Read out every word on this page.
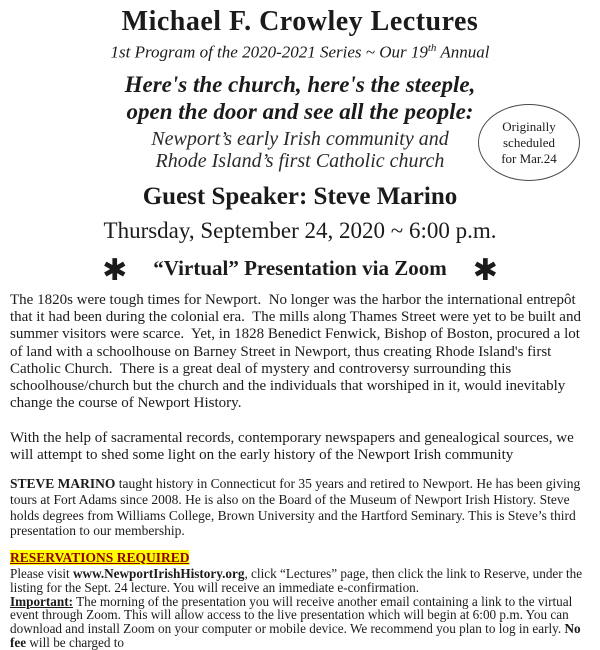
Michael F. Crowley Lectures
1st Program of the 2020-2021 Series ~ Our 19th Annual
Here's the church, here's the steeple,
open the door and see all the people:
Newport’s early Irish community and
Rhode Island’s first Catholic church
Originally
scheduled
for Mar.24
Guest Speaker: Steve Marino
Thursday, September 24, 2020 ~ 6:00 p.m.
✱ “Virtual” Presentation via Zoom ✱
The 1820s were tough times for Newport.  No longer was the harbor the international entrepôt that it had been during the colonial era.  The mills along Thames Street were yet to be built and summer visitors were scarce.  Yet, in 1828 Benedict Fenwick, Bishop of Boston, procured a lot of land with a schoolhouse on Barney Street in Newport, thus creating Rhode Island's first Catholic Church.  There is a great deal of mystery and controversy surrounding this schoolhouse/church but the church and the individuals that worshiped in it, would inevitably change the course of Newport History.
With the help of sacramental records, contemporary newspapers and genealogical sources, we will attempt to shed some light on the early history of the Newport Irish community
STEVE MARINO taught history in Connecticut for 35 years and retired to Newport. He has been giving tours at Fort Adams since 2008. He is also on the Board of the Museum of Newport Irish History. Steve holds degrees from Williams College, Brown University and the Hartford Seminary. This is Steve’s third presentation to our membership.
RESERVATIONS REQUIRED
Please visit www.NewportIrishHistory.org, click “Lectures” page, then click the link to Reserve, under the listing for the Sept. 24 lecture. You will receive an immediate e-confirmation.
Important: The morning of the presentation you will receive another email containing a link to the virtual event through Zoom. This will allow access to the live presentation which will begin at 6:00 p.m. You can download and install Zoom on your computer or mobile device. We recommend you plan to log in early. No fee will be charged to
